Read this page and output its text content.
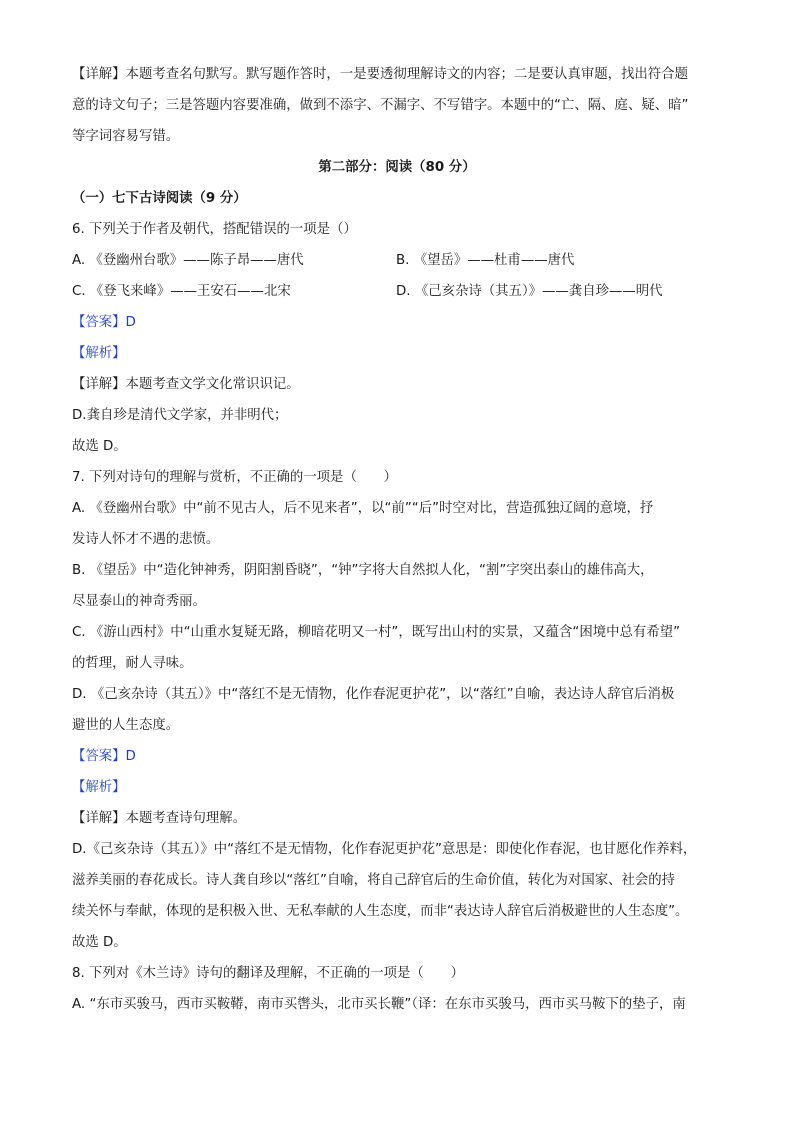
【详解】本题考查名句默写。默写题作答时，一是要透彻理解诗文的内容；二是要认真审题，找出符合题
意的诗文句子；三是答题内容要准确，做到不添字、不漏字、不写错字。本题中的“亡、隔、庭、疑、暗”
等字词容易写错。
第二部分：阅读（80 分）
（一）七下古诗阅读（9 分）
6. 下列关于作者及朝代，搭配错误的一项是（）
A. 《登幽州台歌》——陈子昂——唐代	B. 《望岳》——杜甫——唐代
C. 《登飞来峰》——王安石——北宋	D. 《己亥杂诗（其五）》——龚自珍——明代
【答案】D
【解析】
【详解】本题考查文学文化常识识记。
D.龚自珍是清代文学家，并非明代；
故选 D。
7. 下列对诗句的理解与赏析，不正确的一项是（　　）
A. 《登幽州台歌》中“前不见古人，后不见来者”，以“前”“后”时空对比，营造孤独辽阔的意境，抒
发诗人怀才不遇的悲愤。
B. 《望岳》中“造化钟神秀，阴阳割昏晓”，“钟”字将大自然拟人化，“割”字突出泰山的雄伟高大，
尽显泰山的神奇秀丽。
C. 《游山西村》中“山重水复疑无路，柳暗花明又一村”，既写出山村的实景，又蕴含“困境中总有希望”
的哲理，耐人寻味。
D. 《己亥杂诗（其五）》中“落红不是无情物，化作春泥更护花”，以“落红”自喻，表达诗人辞官后消极
避世的人生态度。
【答案】D
【解析】
【详解】本题考查诗句理解。
D.《己亥杂诗（其五）》中“落红不是无情物，化作春泥更护花”意思是：即使化作春泥，也甘愿化作养料，
滋养美丽的春花成长。诗人龚自珍以“落红”自喻，将自己辞官后的生命价值，转化为对国家、社会的持
续关怀与奉献，体现的是积极入世、无私奉献的人生态度，而非“表达诗人辞官后消极避世的人生态度”。
故选 D。
8. 下列对《木兰诗》诗句的翻译及理解，不正确的一项是（　　）
A. “东市买骏马，西市买鞍鞯，南市买辔头，北市买长鞭”（译：在东市买骏马，西市买马鞍下的垫子，南
